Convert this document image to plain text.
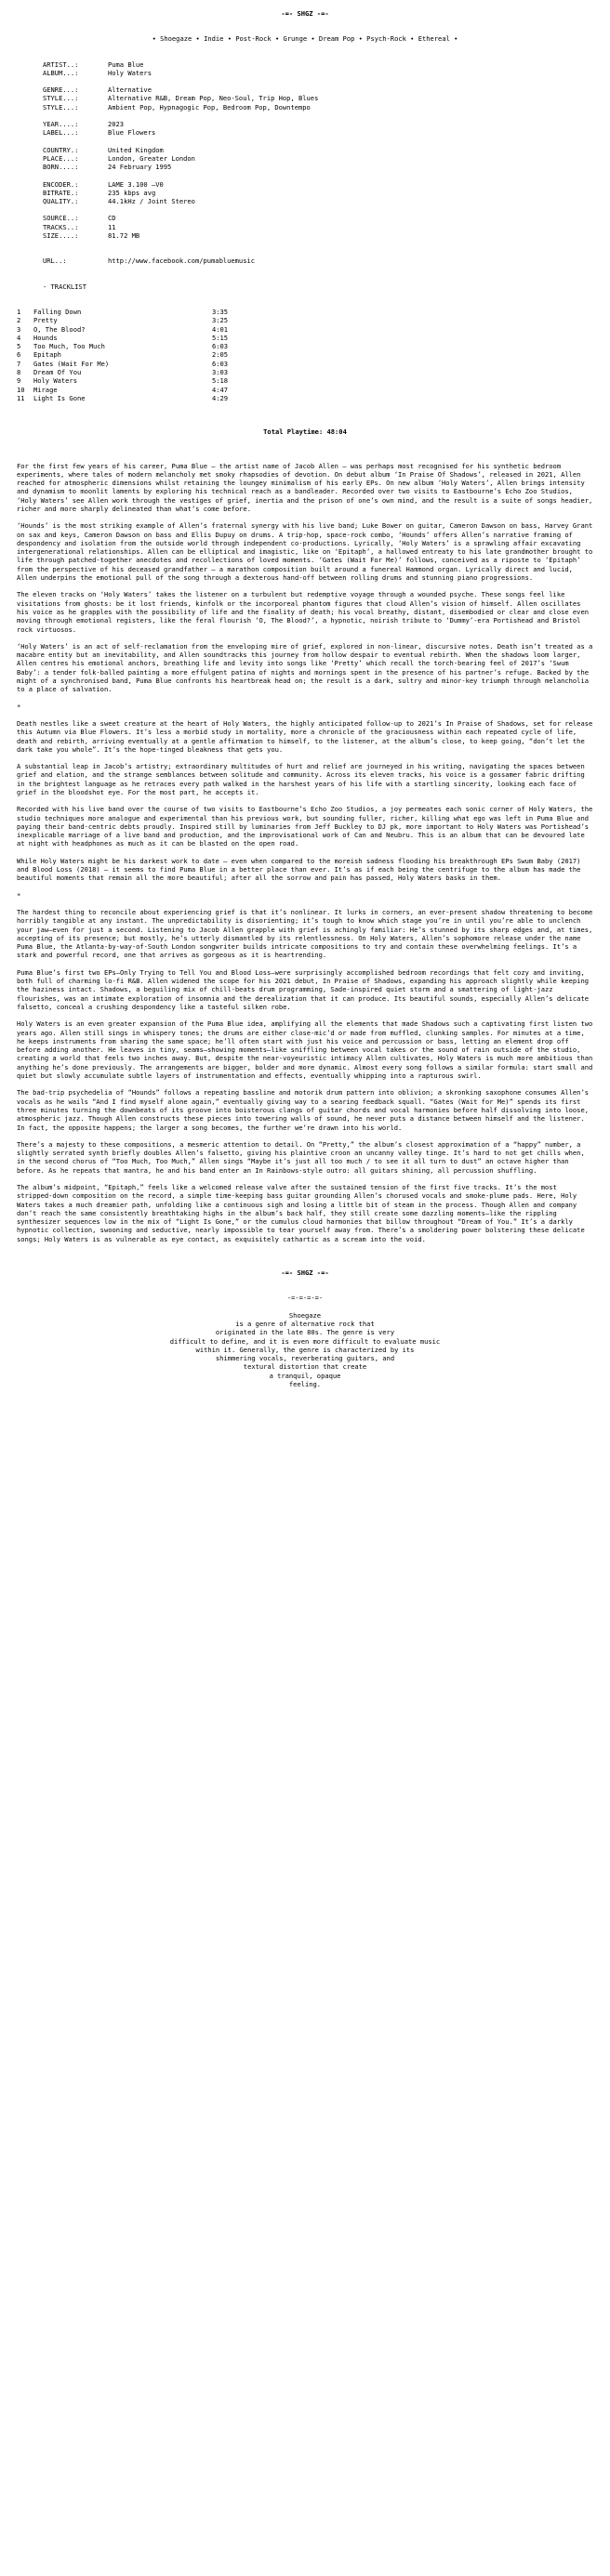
-=- SHGZ -=-
• Shoegaze • Indie • Post-Rock • Grunge • Dream Pop • Psych-Rock • Ethereal •
ARTIST..:	Puma Blue
ALBUM...:	Holy Waters
GENRE...:	Alternative
STYLE...:	Alternative R&B, Dream Pop, Neo-Soul, Trip Hop, Blues
STYLE...:	Ambient Pop, Hypnagogic Pop, Bedroom Pop, Downtempo
YEAR....:	2023
LABEL...:	Blue Flowers
COUNTRY.:	United Kingdom
PLACE...:	London, Greater London
BORN....:	24 February 1995
ENCODER.:	LAME 3.100 –V0
BITRATE.:	235 kbps avg
QUALITY.:	44.1kHz / Joint Stereo
SOURCE..:	CD
TRACKS..:	11
SIZE....:	81.72 MB
URL..:	http://www.facebook.com/pumabluemusic
- TRACKLIST
1	Falling Down	3:35
2	Pretty	3:25
3	O, The Blood?	4:01
4	Hounds	5:15
5	Too Much, Too Much	6:03
6	Epitaph	2:05
7	Gates (Wait For Me)	6:03
8	Dream Of You	3:03
9	Holy Waters	5:18
10	Mirage	4:47
11	Light Is Gone	4:29
Total Playtime: 48:04

For the first few years of his career, Puma Blue – the artist name of Jacob Allen – was perhaps most recognised for his synthetic bedroom experiments, where tales of modern melancholy met smoky rhapsodies of devotion. On debut album ‘In Praise Of Shadows’, released in 2021, Allen reached for atmospheric dimensions whilst retaining the loungey minimalism of his early EPs. On new album ‘Holy Waters’, Allen brings intensity and dynamism to moonlit laments by exploring his technical reach as a bandleader. Recorded over two visits to Eastbourne’s Echo Zoo Studios, ‘Holy Waters’ see Allen work through the vestiges of grief, inertia and the prison of one’s own mind, and the result is a suite of songs headier, richer and more sharply delineated than what’s come before.

‘Hounds’ is the most striking example of Allen’s fraternal synergy with his live band; Luke Bower on guitar, Cameron Dawson on bass, Harvey Grant on sax and keys, Cameron Dawson on bass and Ellis Dupuy on drums. A trip-hop, space-rock combo, ‘Hounds’ offers Allen’s narrative framing of despondency and isolation from the outside world through independent co-productions. Lyrically, ‘Holy Waters’ is a sprawling affair excavating intergenerational relationships. Allen can be elliptical and imagistic, like on ‘Epitaph’, a hallowed entreaty to his late grandmother brought to life through patched-together anecdotes and recollections of loved moments. ‘Gates (Wait For Me)’ follows, conceived as a riposte to ‘Epitaph’ from the perspective of his deceased grandfather – a marathon composition built around a funereal Hammond organ. Lyrically direct and lucid, Allen underpins the emotional pull of the song through a dexterous hand-off between rolling drums and stunning piano progressions.

The eleven tracks on ‘Holy Waters’ takes the listener on a turbulent but redemptive voyage through a wounded psyche. These songs feel like visitations from ghosts: be it lost friends, kinfolk or the incorporeal phantom figures that cloud Allen’s vision of himself. Allen oscillates his voice as he grapples with the possibility of life and the finality of death; his vocal breathy, distant, disembodied or clear and close even moving through emotional registers, like the feral flourish ‘O, The Blood?’, a hypnotic, noirish tribute to ‘Dummy’-era Portishead and Bristol rock virtuosos.

‘Holy Waters’ is an act of self-reclamation from the enveloping mire of grief, explored in non-linear, discursive notes. Death isn’t treated as a macabre entity but an inevitability, and Allen soundtracks this journey from hollow despair to eventual rebirth. When the shadows loom larger, Allen centres his emotional anchors, breathing life and levity into songs like ‘Pretty’ which recall the torch-bearing feel of 2017’s ‘Swum Baby’: a tender folk-balled painting a more effulgent patina of nights and mornings spent in the presence of his partner’s refuge. Backed by the might of a synchronised band, Puma Blue confronts his heartbreak head on; the result is a dark, sultry and minor-key triumph through melancholia to a place of salvation.

*

Death nestles like a sweet creature at the heart of Holy Waters, the highly anticipated follow-up to 2021’s In Praise of Shadows, set for release this Autumn via Blue Flowers. It’s less a morbid study in mortality, more a chronicle of the graciousness within each repeated cycle of life, death and rebirth, arriving eventually at a gentle affirmation to himself, to the listener, at the album’s close, to keep going, “don’t let the dark take you whole”. It’s the hope-tinged bleakness that gets you.

A substantial leap in Jacob’s artistry; extraordinary multitudes of hurt and relief are journeyed in his writing, navigating the spaces between grief and elation, and the strange semblances between solitude and community. Across its eleven tracks, his voice is a gossamer fabric drifting in the brightest language as he retraces every path walked in the harshest years of his life with a startling sincerity, looking each face of grief in the bloodshot eye. For the most part, he accepts it.

Recorded with his live band over the course of two visits to Eastbourne’s Echo Zoo Studios, a joy permeates each sonic corner of Holy Waters, the studio techniques more analogue and experimental than his previous work, but sounding fuller, richer, killing what ego was left in Puma Blue and paying their band-centric debts proudly. Inspired still by luminaries from Jeff Buckley to DJ pk, more important to Holy Waters was Portishead’s inexplicable marriage of a live band and production, and the improvisational work of Can and Neubru. This is an album that can be devoured late at night with headphones as much as it can be blasted on the open road.

While Holy Waters might be his darkest work to date – even when compared to the moreish sadness flooding his breakthrough EPs Swum Baby (2017) and Blood Loss (2018) – it seems to find Puma Blue in a better place than ever. It’s as if each being the centrifuge to the album has made the beautiful moments that remain all the more beautiful; after all the sorrow and pain has passed, Holy Waters basks in them.

*

The hardest thing to reconcile about experiencing grief is that it’s nonlinear. It lurks in corners, an ever-present shadow threatening to become horribly tangible at any instant. The unpredictability is disorienting; it’s tough to know which stage you’re in until you’re able to unclench your jaw–even for just a second. Listening to Jacob Allen grapple with grief is achingly familiar: He’s stunned by its sharp edges and, at times, accepting of its presence; but mostly, he’s utterly dismantled by its relentlessness. On Holy Waters, Allen’s sophomore release under the name Puma Blue, the Atlanta-by-way-of-South London songwriter builds intricate compositions to try and contain these overwhelming feelings. It’s a stark and powerful record, one that arrives as gorgeous as it is heartrending.

Puma Blue’s first two EPs–Only Trying to Tell You and Blood Loss–were surprisingly accomplished bedroom recordings that felt cozy and inviting, both full of charming lo-fi R&B. Allen widened the scope for his 2021 debut, In Praise of Shadows, expanding his approach slightly while keeping the haziness intact. Shadows, a beguiling mix of chill-beats drum programming, Sade-inspired quiet storm and a smattering of light-jazz flourishes, was an intimate exploration of insomnia and the derealization that it can produce. Its beautiful sounds, especially Allen’s delicate falsetto, conceal a crushing despondency like a tasteful silken robe.

Holy Waters is an even greater expansion of the Puma Blue idea, amplifying all the elements that made Shadows such a captivating first listen two years ago. Allen still sings in whispery tones; the drums are either close-mic’d or made from muffled, clunking samples. For minutes at a time, he keeps instruments from sharing the same space; he’ll often start with just his voice and percussion or bass, letting an element drop off before adding another. He leaves in tiny, seams–showing moments–like sniffling between vocal takes or the sound of rain outside of the studio, creating a world that feels two inches away. But, despite the near-voyeuristic intimacy Allen cultivates, Holy Waters is much more ambitious than anything he’s done previously. The arrangements are bigger, bolder and more dynamic. Almost every song follows a similar formula: start small and quiet but slowly accumulate subtle layers of instrumentation and effects, eventually whipping into a rapturous swirl.

The bad-trip psychedelia of “Hounds” follows a repeating bassline and motorik drum pattern into oblivion; a skronking saxophone consumes Allen’s vocals as he wails “And I find myself alone again,” eventually giving way to a searing feedback squall. “Gates (Wait for Me)” spends its first three minutes turning the downbeats of its groove into boisterous clangs of guitar chords and vocal harmonies before half dissolving into loose, atmospheric jazz. Though Allen constructs these pieces into towering walls of sound, he never puts a distance between himself and the listener. In fact, the opposite happens; the larger a song becomes, the further we’re drawn into his world.

There’s a majesty to these compositions, a mesmeric attention to detail. On “Pretty,” the album’s closest approximation of a “happy” number, a slightly serrated synth briefly doubles Allen’s falsetto, giving his plaintive croon an uncanny valley tinge. It’s hard to not get chills when, in the second chorus of “Too Much, Too Much,” Allen sings “Maybe it’s just all too much / to see it all turn to dust” an octave higher than before. As he repeats that mantra, he and his band enter an In Rainbows-style outro: all guitars shining, all percussion shuffling.

The album’s midpoint, “Epitaph,” feels like a welcomed release valve after the sustained tension of the first five tracks. It’s the most stripped-down composition on the record, a simple time-keeping bass guitar grounding Allen’s chorused vocals and smoke-plume pads. Here, Holy Waters takes a much dreamier path, unfolding like a continuous sigh and losing a little bit of steam in the process. Though Allen and company don’t reach the same consistently breathtaking highs in the album’s back half, they still create some dazzling moments–like the rippling synthesizer sequences low in the mix of “Light Is Gone,” or the cumulus cloud harmonies that billow throughout “Dream of You.” It’s a darkly hypnotic collection, swooning and seductive, nearly impossible to tear yourself away from. There’s a smoldering power bolstering these delicate songs; Holy Waters is as vulnerable as eye contact, as exquisitely cathartic as a scream into the void.

-=- SHGZ -=-
-=-=-=-=-
Shoegaze
is a genre of alternative rock that
originated in the late 80s. The genre is very
difficult to define, and it is even more difficult to evaluate music
within it. Generally, the genre is characterized by its
shimmering vocals, reverberating guitars, and
textural distortion that create
a tranquil, opaque
feeling.
